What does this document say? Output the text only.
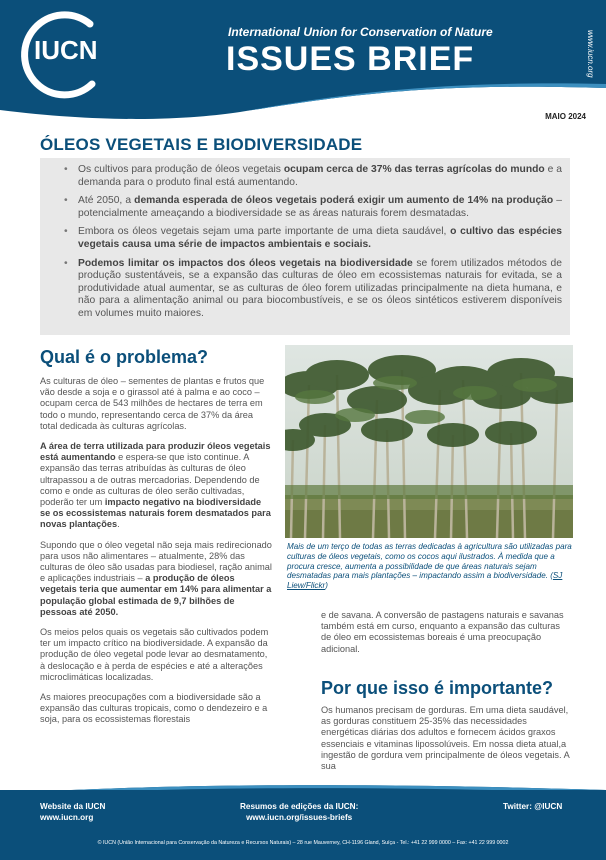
IUCN
International Union for Conservation of Nature
ISSUES BRIEF	www.iucn.org
MAIO 2024
ÓLEOS VEGETAIS E BIODIVERSIDADE
• Os cultivos para produção de óleos vegetais ocupam cerca de 37% das terras agrícolas do mundo e a demanda para o produto final está aumentando.
• Até 2050, a demanda esperada de óleos vegetais poderá exigir um aumento de 14% na produção – potencialmente ameaçando a biodiversidade se as áreas naturais forem desmatadas.
• Embora os óleos vegetais sejam uma parte importante de uma dieta saudável, o cultivo das espécies vegetais causa uma série de impactos ambientais e sociais.
• Podemos limitar os impactos dos óleos vegetais na biodiversidade se forem utilizados métodos de produção sustentáveis, se a expansão das culturas de óleo em ecossistemas naturais for evitada, se a produtividade atual aumentar, se as culturas de óleo forem utilizadas principalmente na dieta humana, e não para a alimentação animal ou para biocombustíveis, e se os óleos sintéticos estiverem disponíveis em volumes muito maiores.
Qual é o problema?

As culturas de óleo – sementes de plantas e frutos que vão desde a soja e o girassol até à palma e ao coco – ocupam cerca de 543 milhões de hectares de terra em todo o mundo, representando cerca de 37% da área total dedicada às culturas agrícolas.

A área de terra utilizada para produzir óleos vegetais está aumentando e espera-se que isto continue. A expansão das terras atribuídas às culturas de óleo ultrapassou a de outras mercadorias. Dependendo de como e onde as culturas de óleo serão cultivadas, poderão ter um impacto negativo na biodiversidade se os ecossistemas naturais forem desmatados para novas plantações.

Supondo que o óleo vegetal não seja mais redirecionado para usos não alimentares – atualmente, 28% das culturas de óleo são usadas para biodiesel, ração animal e aplicações industriais – a produção de óleos vegetais teria que aumentar em 14% para alimentar a população global estimada de 9,7 bilhões de pessoas até 2050.

Os meios pelos quais os vegetais são cultivados podem ter um impacto crítico na biodiversidade. A expansão da produção de óleo vegetal pode levar ao desmatamento, à deslocação e à perda de espécies e até a alterações microclimáticas localizadas.

As maiores preocupações com a biodiversidade são a expansão das culturas tropicais, como o dendezeiro e a soja, para os ecossistemas florestais

Mais de um terço de todas as terras dedicadas à agricultura são utilizadas para culturas de óleos vegetais, como os cocos aqui ilustrados. À medida que a procura cresce, aumenta a possibilidade de que áreas naturais sejam desmatadas para mais plantações – impactando assim a biodiversidade. (SJ Liew/Flickr)
e de savana. A conversão de pastagens naturais e savanas também está em curso, enquanto a expansão das culturas de óleo em ecossistemas boreais é uma preocupação adicional.
Por que isso é importante?
Os humanos precisam de gorduras. Em uma dieta saudável, as gorduras constituem 25-35% das necessidades energéticas diárias dos adultos e fornecem ácidos graxos essenciais e vitaminas lipossolúveis. Em nossa dieta atual,a ingestão de gordura vem principalmente de óleos vegetais. A sua
Website da IUCN
www.iucn.org
Resumos de edições da IUCN:
www.iucn.org/issues-briefs
Twitter: @IUCN
© IUCN (União Internacional para Conservação da Natureza e Recursos Naturais) – 28 rue Mauverney, CH-1196 Gland, Suíça - Tel.: +41 22 999 0000 – Fax: +41 22 999 0002
